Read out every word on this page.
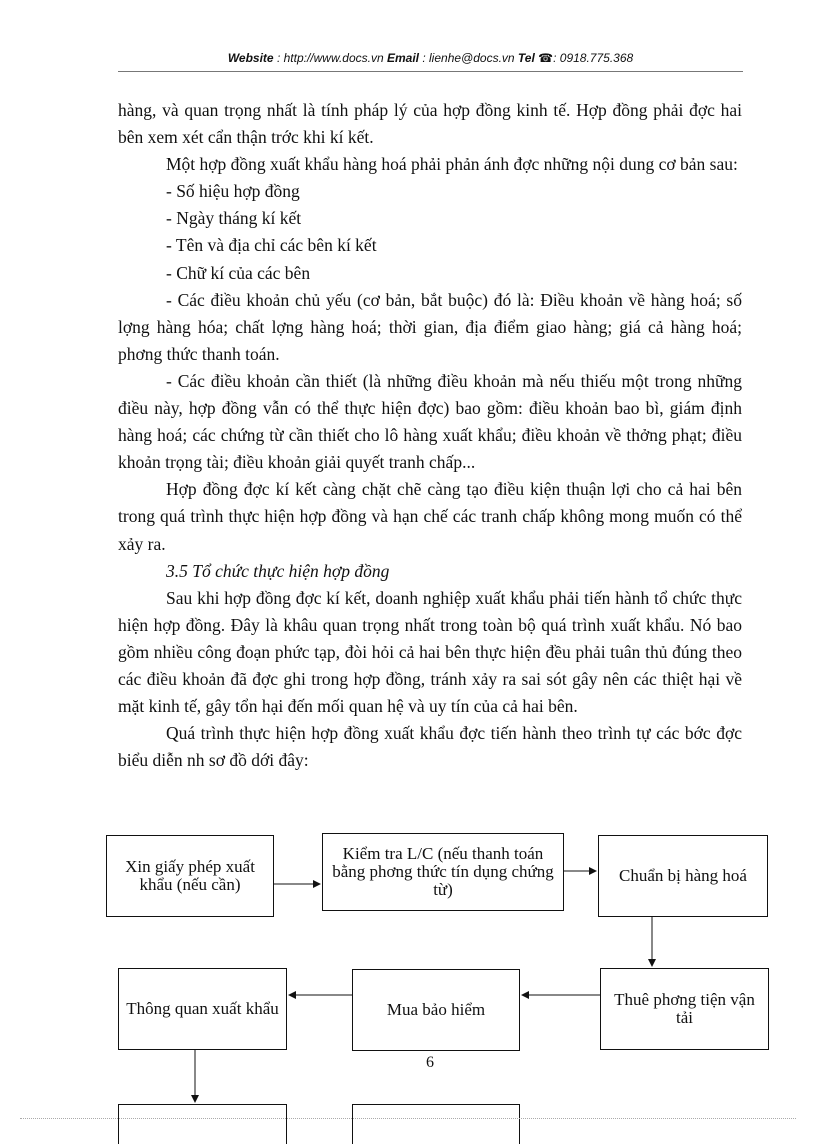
Website : http://www.docs.vn Email : lienhe@docs.vn Tel ☎: 0918.775.368

hàng, và quan trọng nhất là tính pháp lý của hợp đồng kinh tế. Hợp đồng phải đợc hai bên xem xét cẩn thận trớc khi kí kết.

Một hợp đồng xuất khẩu hàng hoá phải phản ánh đợc những nội dung cơ bản sau:

- Số hiệu hợp đồng

- Ngày tháng kí kết

- Tên và địa chỉ các bên kí kết

- Chữ kí của các bên

- Các điều khoản chủ yếu (cơ bản, bắt buộc) đó là: Điều khoản về hàng hoá; số lợng hàng hóa; chất lợng hàng hoá; thời gian, địa điểm giao hàng; giá cả hàng hoá; phơng thức thanh toán.

- Các điều khoản cần thiết (là những điều khoản mà nếu thiếu một trong những điều này, hợp đồng vẫn có thể thực hiện đợc) bao gồm: điều khoản bao bì, giám định hàng hoá; các chứng từ cần thiết cho lô hàng xuất khẩu; điều khoản về thởng phạt; điều khoản trọng tài; điều khoản giải quyết tranh chấp...

Hợp đồng đợc kí kết càng chặt chẽ càng tạo điều kiện thuận lợi cho cả hai bên trong quá trình thực hiện hợp đồng và hạn chế các tranh chấp không mong muốn có thể xảy ra.

3.5 Tổ chức thực hiện hợp đồng

Sau khi hợp đồng đợc kí kết, doanh nghiệp xuất khẩu phải tiến hành tổ chức thực hiện hợp đồng. Đây là khâu quan trọng nhất trong toàn bộ quá trình xuất khẩu. Nó bao gồm nhiều công đoạn phức tạp, đòi hỏi cả hai bên thực hiện đều phải tuân thủ đúng theo các điều khoản đã đợc ghi trong hợp đồng, tránh xảy ra sai sót gây nên các thiệt hại về mặt kinh tế, gây tổn hại đến mối quan hệ và uy tín của cả hai bên.

Quá trình thực hiện hợp đồng xuất khẩu đợc tiến hành theo trình tự các bớc đợc biểu diễn nh sơ đồ dới đây:

Xin giấy phép xuất khẩu (nếu cần)
Kiểm tra L/C (nếu thanh toán bằng phơng thức tín dụng chứng từ)
Chuẩn bị hàng hoá
Thuê phơng tiện vận tải
Mua bảo hiểm
Thông quan xuất khẩu
6
